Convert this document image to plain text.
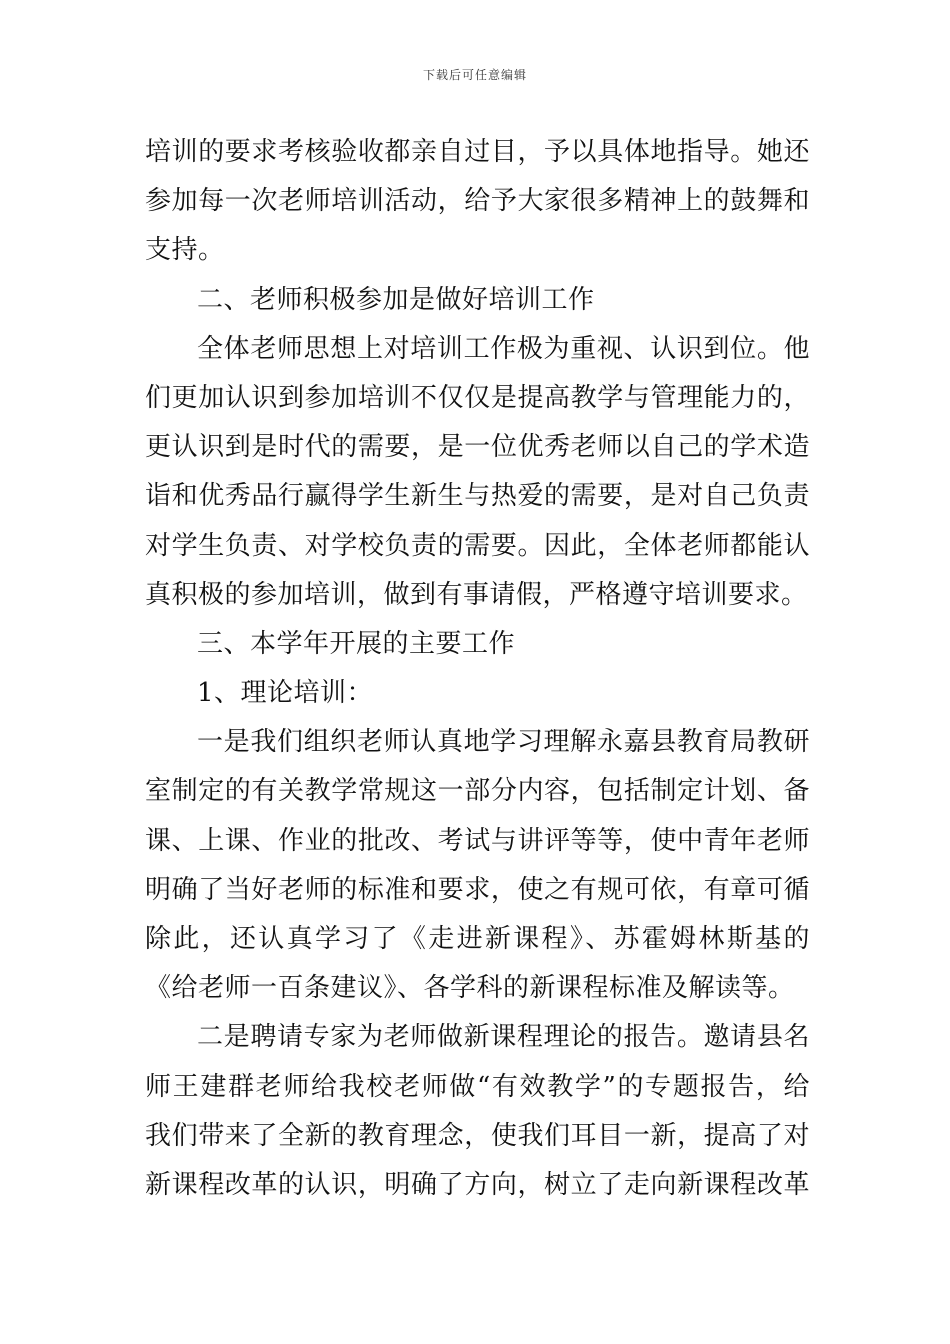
下载后可任意编辑
培训的要求考核验收都亲自过目，予以具体地指导。她还
参加每一次老师培训活动，给予大家很多精神上的鼓舞和
支持。
二、老师积极参加是做好培训工作
全体老师思想上对培训工作极为重视、认识到位。他
们更加认识到参加培训不仅仅是提高教学与管理能力的，
更认识到是时代的需要，是一位优秀老师以自己的学术造
诣和优秀品行赢得学生新生与热爱的需要，是对自己负责
对学生负责、对学校负责的需要。因此，全体老师都能认
真积极的参加培训，做到有事请假，严格遵守培训要求。
三、本学年开展的主要工作
1、理论培训：
一是我们组织老师认真地学习理解永嘉县教育局教研
室制定的有关教学常规这一部分内容，包括制定计划、备
课、上课、作业的批改、考试与讲评等等，使中青年老师
明确了当好老师的标准和要求，使之有规可依，有章可循
除此，还认真学习了《走进新课程》、苏霍姆林斯基的
《给老师一百条建议》、各学科的新课程标准及解读等。
二是聘请专家为老师做新课程理论的报告。邀请县名
师王建群老师给我校老师做“有效教学”的专题报告，给
我们带来了全新的教育理念，使我们耳目一新，提高了对
新课程改革的认识，明确了方向，树立了走向新课程改革
